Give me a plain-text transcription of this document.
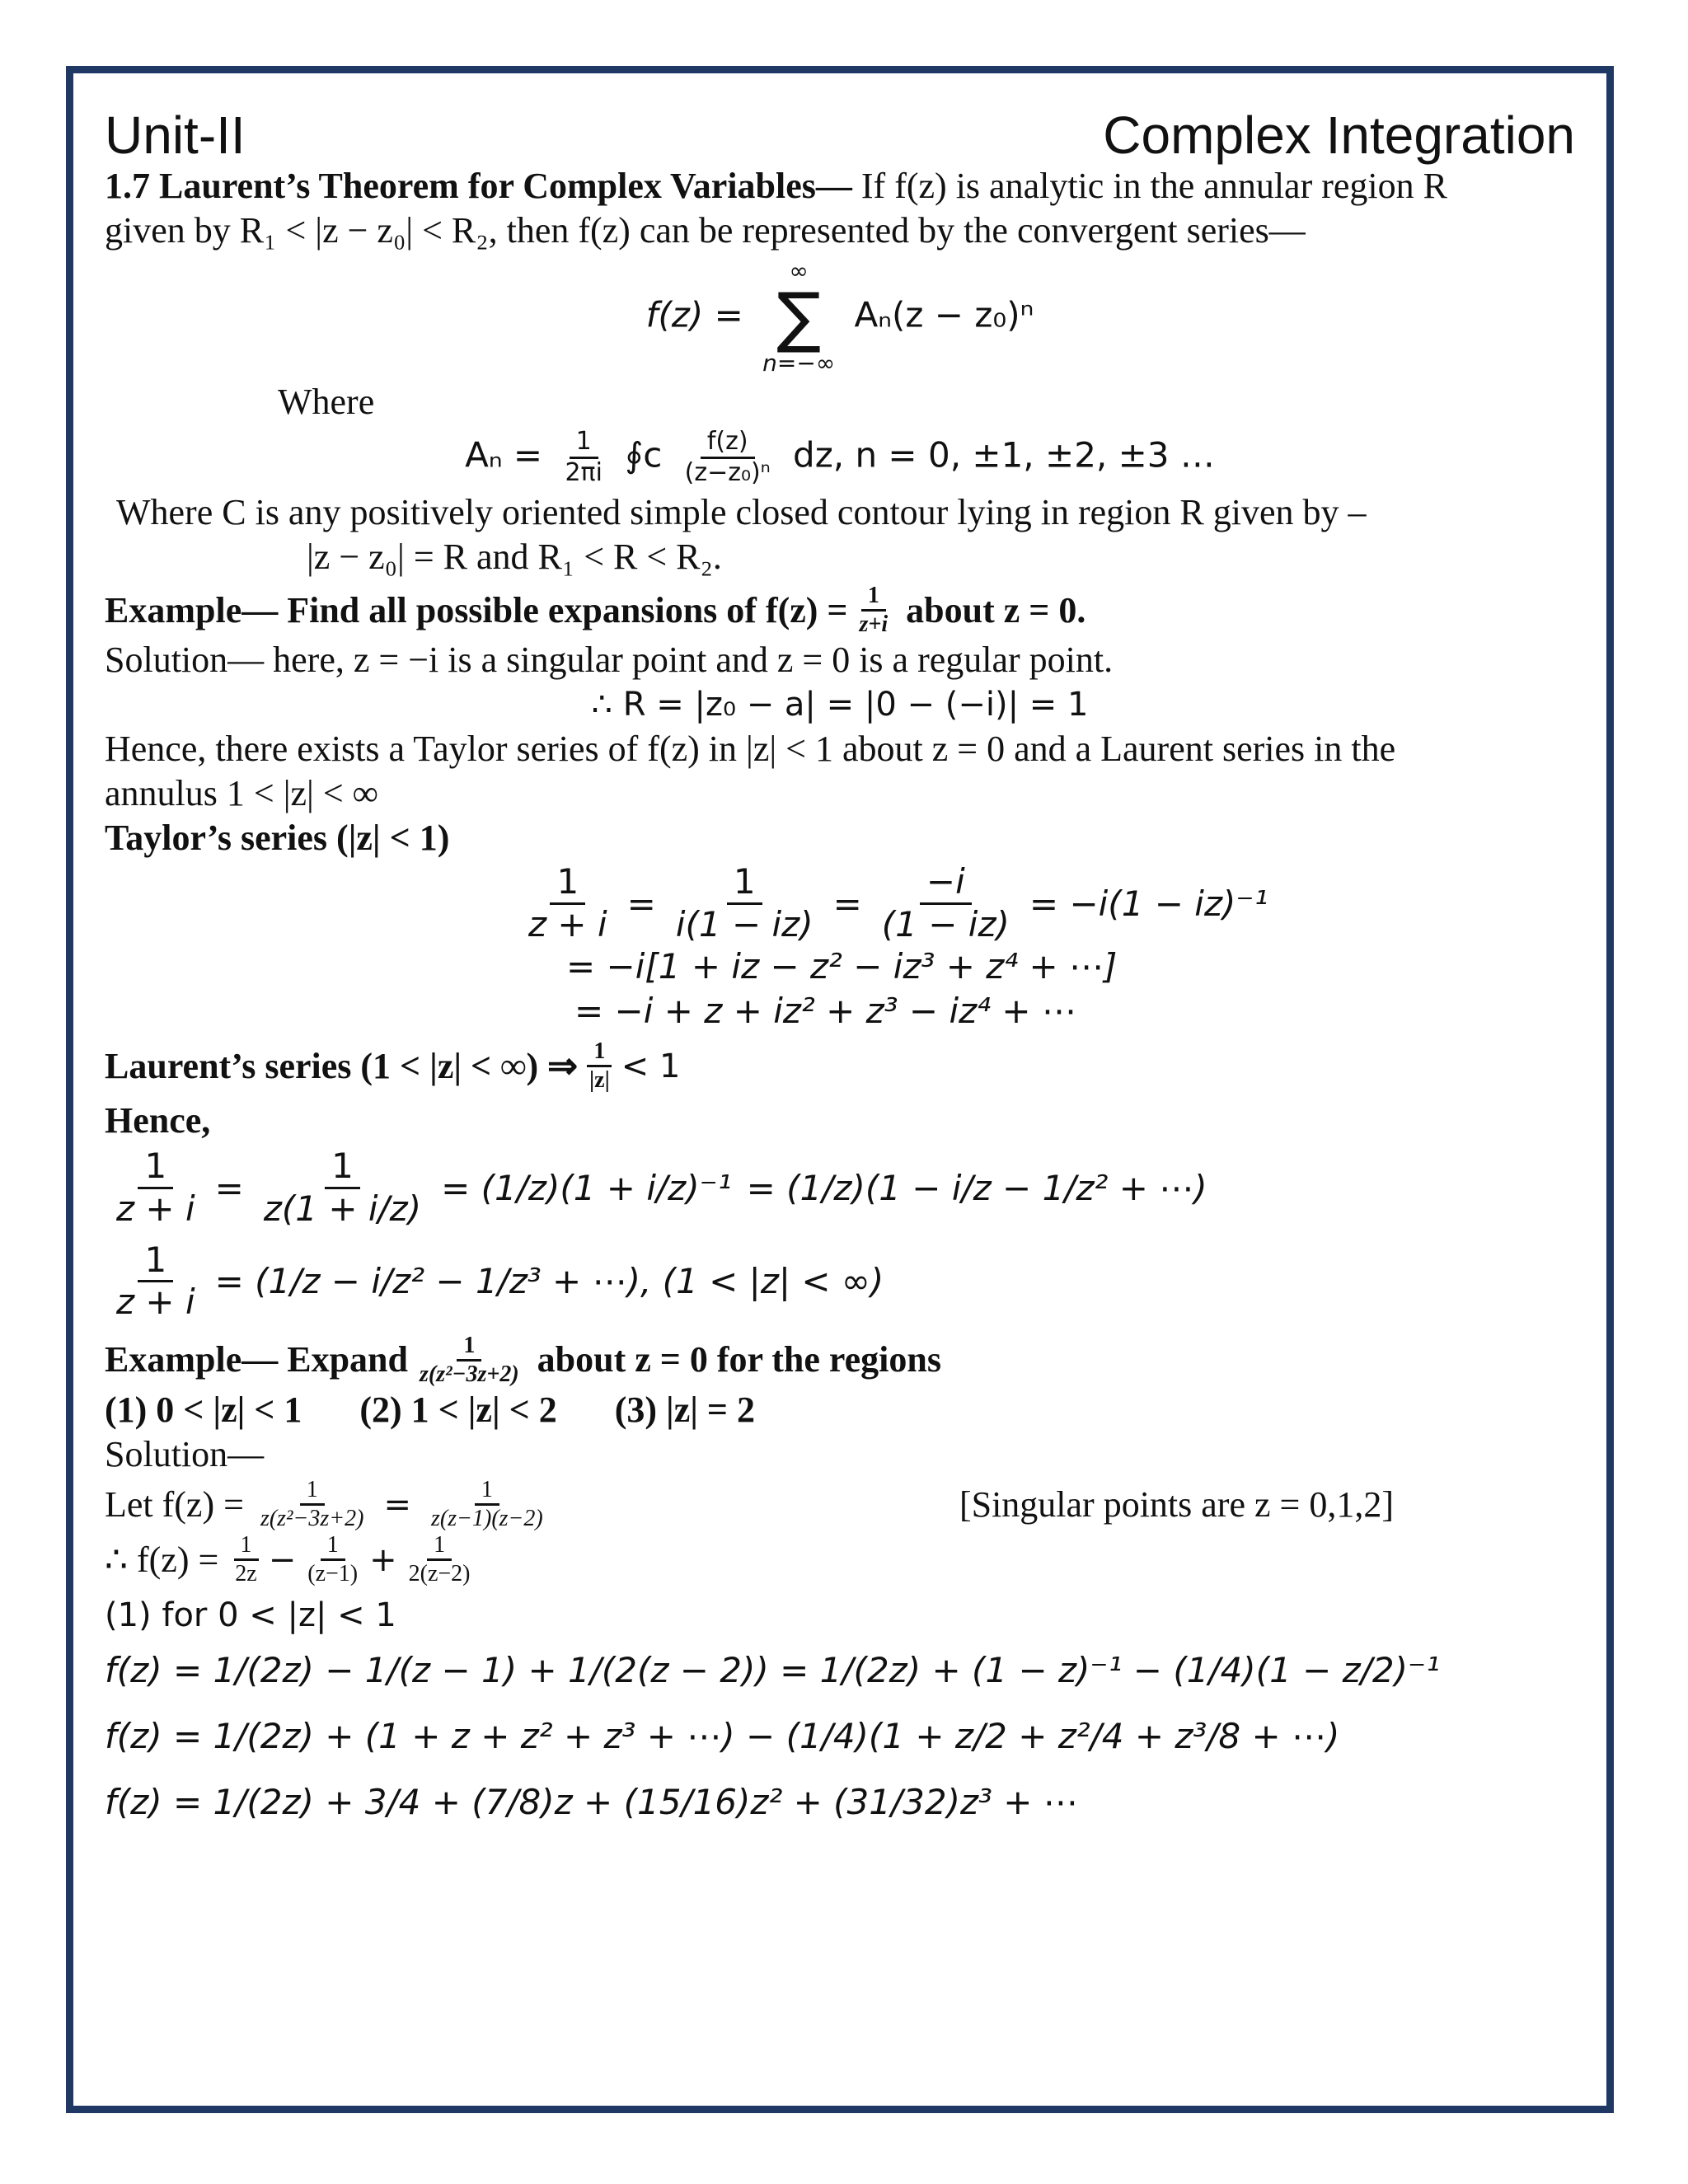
Unit-II	Complex Integration

1.7 Laurent’s Theorem for Complex Variables— If f(z) is analytic in the annular region R

given by R₁ < |z − z₀| < R₂, then f(z) can be represented by the convergent series—

f(z) =
∞
∑
n=−∞
Aₙ(z − z₀)ⁿ

Where

$A_n = \frac{1}{2\pi i}$ ∮c $\frac{f(z)}{\text{(z−z₀)ⁿ}}$ dz, n = 0, ±1, ±2, ±3 …

Where C is any positively oriented simple closed contour lying in region R given by –

|z − z₀| = R and R₁ < R < R₂.

Example— Find all possible expansions of $f(z) = \frac{1}{z+i}$ about z = 0.

Solution— here, z = −i is a singular point and z = 0 is a regular point.

∴ R = |z₀ − a| = |0 − (−i)| = 1

Hence, there exists a Taylor series of f(z) in |z| < 1 about z = 0 and a Laurent series in the

annulus 1 < |z| < ∞

Taylor’s series (|z| < 1)

$\frac{1}{z + i} = \frac{1}{i(1 - iz)} = \frac{-i}{(1 - iz)} = -i(1 - iz)^{-1}$

= −i[1 + iz − z² − iz³ + z⁴ + ⋯]

= −i + z + iz² + z³ − iz⁴ + ⋯

Laurent’s series (1 < |z| < ∞) ⇒ $\frac{1}{|z|} < 1$

Hence,

$\frac{1}{z + i} = \frac{1}{z(1 + i/z)} = (1/z)(1 + i/z)^{-1} = (1/z)(1 - i/z - 1/z^2$ + ⋯)
$\frac{1}{z + i} = (1/z - i/z^2 - 1/z^3$ + ⋯), (1 < |z| < ∞)
Example— Expand $\frac{1}{\text{z(z²−3z+2)}}$ about z = 0 for the regions
(1) 0 < |z| < 1 (2) 1 < |z| < 2 (3) |z| = 2

Solution—

Let $f(z) = \frac{1}{\text{z(z²−3z+2)}} = \frac{1}{z(z-1)(z-2)}$	[Singular points are z = 0,1,2]
∴ $f(z) = \frac{1}{2z} - \frac{1}{(z-1)} + \frac{1}{2(z-2)}$

(1) for 0 < |z| < 1

f(z) = 1/(2z) − 1/(z − 1) + 1/(2(z − 2)) = 1/(2z) + (1 − z)⁻¹ − (1/4)(1 − z/2)⁻¹

f(z) = 1/(2z) + (1 + z + z² + z³ + ⋯) − (1/4)(1 + z/2 + z²/4 + z³/8 + ⋯)

f(z) = 1/(2z) + 3/4 + (7/8)z + (15/16)z² + (31/32)z³ + ⋯
